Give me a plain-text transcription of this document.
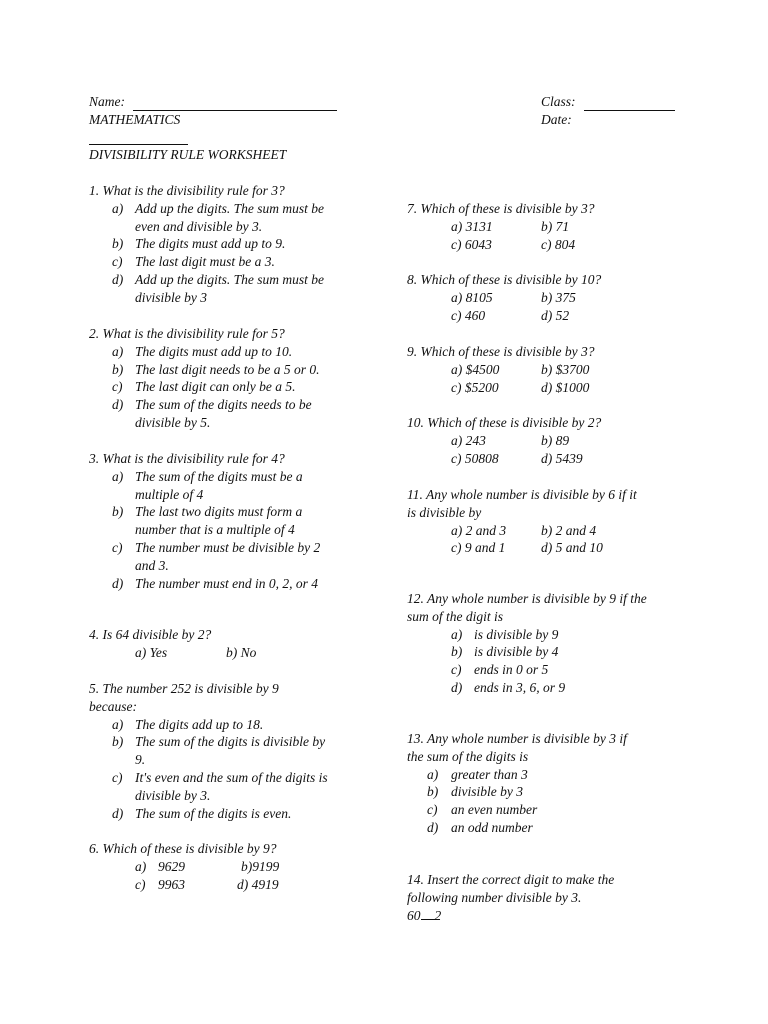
Name:	Class:
MATHEMATICS	Date:
DIVISIBILITY RULE WORKSHEET
1. What is the divisibility rule for 3?
a) Add up the digits. The sum must be
even and divisible by 3.
b) The digits must add up to 9.
c) The last digit must be a 3.
d) Add up the digits. The sum must be
divisible by 3
2. What is the divisibility rule for 5?
a) The digits must add up to 10.
b) The last digit needs to be a 5 or 0.
c) The last digit can only be a 5.
d) The sum of the digits needs to be
divisible by 5.
3. What is the divisibility rule for 4?
a) The sum of the digits must be a
multiple of 4
b) The last two digits must form a
number that is a multiple of 4
c) The number must be divisible by 2
and 3.
d) The number must end in 0, 2, or 4
4. Is 64 divisible by 2?
a) Yes	b) No
5. The number 252 is divisible by 9
because:
a) The digits add up to 18.
b) The sum of the digits is divisible by
9.
c) It's even and the sum of the digits is
divisible by 3.
d) The sum of the digits is even.
6. Which of these is divisible by 9?
a) 9629	b)9199
c) 9963	d) 4919
7. Which of these is divisible by 3?
a) 3131	b) 71
c) 6043	c) 804
8. Which of these is divisible by 10?
a) 8105	b) 375
c) 460	d) 52
9. Which of these is divisible by 3?
a) $4500	b) $3700
c) $5200	d) $1000
10. Which of these is divisible by 2?
a) 243	b) 89
c) 50808	d) 5439
11. Any whole number is divisible by 6 if it
is divisible by
a) 2 and 3	b) 2 and 4
c) 9 and 1	d) 5 and 10
12. Any whole number is divisible by 9 if the
sum of the digit is
a) is divisible by 9
b) is divisible by 4
c) ends in 0 or 5
d) ends in 3, 6, or 9
13. Any whole number is divisible by 3 if
the sum of the digits is
a) greater than 3
b) divisible by 3
c) an even number
d) an odd number
14. Insert the correct digit to make the
following number divisible by 3.
60 2
